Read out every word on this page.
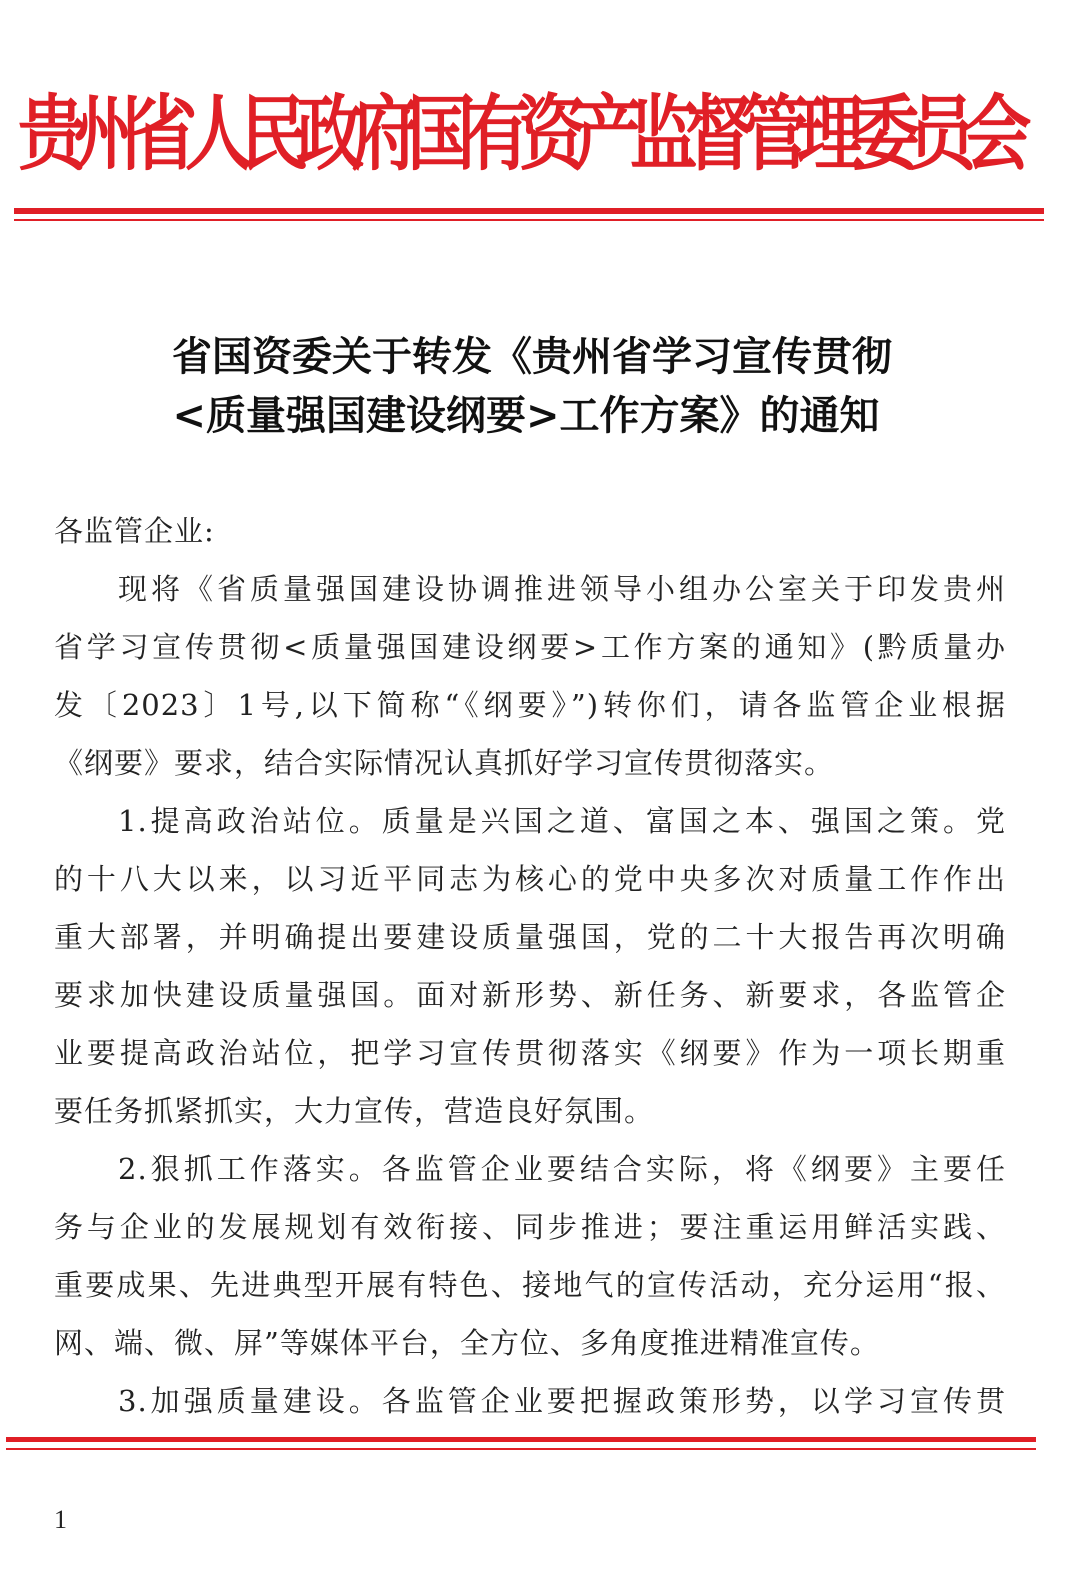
贵州省人民政府国有资产监督管理委员会
省国资委关于转发《贵州省学习宣传贯彻
<质量强国建设纲要>工作方案》的通知
各监管企业:
现将《省质量强国建设协调推进领导小组办公室关于印发贵州
省学习宣传贯彻<质量强国建设纲要>工作方案的通知》(黔质量办
发〔2023〕1号,以下简称“《纲要》”)转你们，请各监管企业根据
《纲要》要求，结合实际情况认真抓好学习宣传贯彻落实。
1.提高政治站位。质量是兴国之道、富国之本、强国之策。党
的十八大以来，以习近平同志为核心的党中央多次对质量工作作出
重大部署，并明确提出要建设质量强国，党的二十大报告再次明确
要求加快建设质量强国。面对新形势、新任务、新要求，各监管企
业要提高政治站位，把学习宣传贯彻落实《纲要》作为一项长期重
要任务抓紧抓实，大力宣传，营造良好氛围。
2.狠抓工作落实。各监管企业要结合实际，将《纲要》主要任
务与企业的发展规划有效衔接、同步推进；要注重运用鲜活实践、
重要成果、先进典型开展有特色、接地气的宣传活动，充分运用“报、
网、端、微、屏”等媒体平台，全方位、多角度推进精准宣传。
3.加强质量建设。各监管企业要把握政策形势，以学习宣传贯
1
